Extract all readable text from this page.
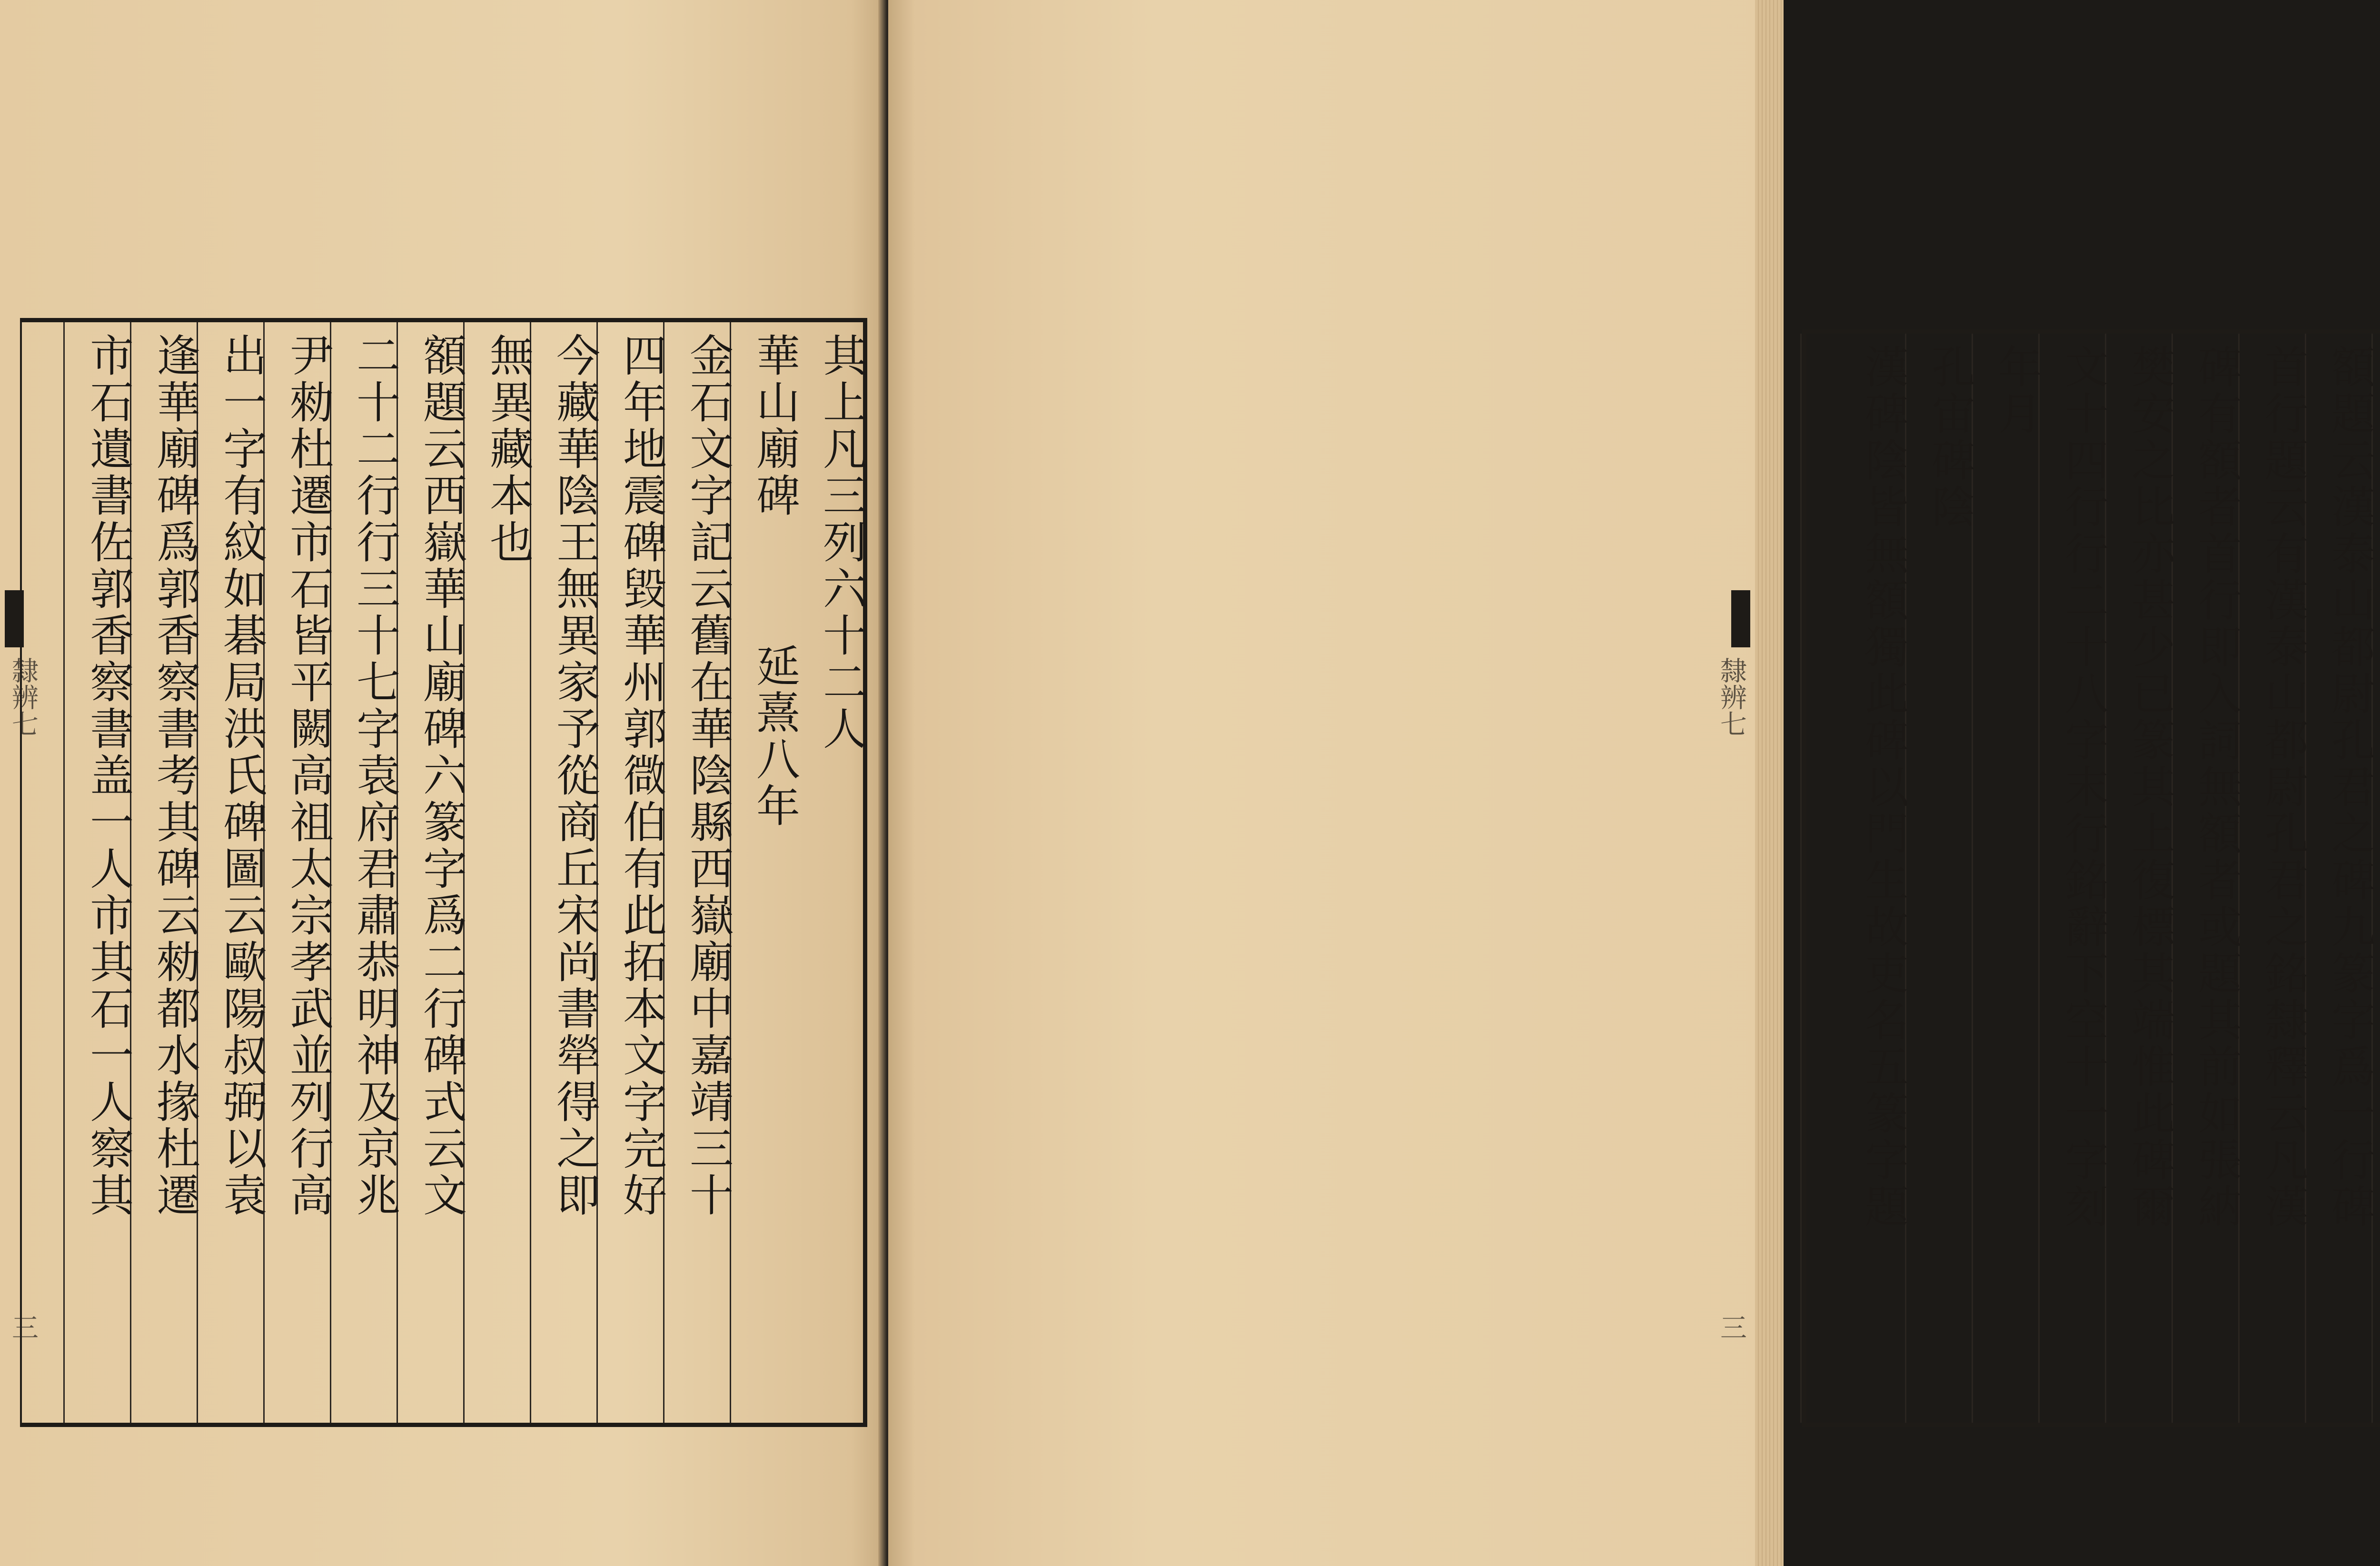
其上凡三列六十二人
華山廟碑延熹八年
金石文字記云舊在華陰縣西嶽廟中嘉靖三十
四年地震碑毀華州郭㣲伯有此拓本文字完好
今藏華陰王無異家予從商丘宋尚書犖得之即
無異藏本也
額題云西嶽華山廟碑六篆字爲二行碑式云文
二十二行行三十七字袁府君肅恭明神及京兆
尹勑杜遷市石皆平闕高祖太宗孝武並列行高
出一字有紋如碁局洪氏碑圖云歐陽叔弼以袁
逢華廟碑爲郭香察書考其碑云勑都水掾杜遷
市石遺書佐郭香察書盖一人市其石一人察其
隸辨七
三
額題云漢泰山都尉孔君之碑九篆字爲一行碑
首行題云有漢泰山都尉孔君之銘隸釋云凡漢
碑有額者首行即入詞無額者或題其前如張納
樊安之比亦甚少已篆其上復標其端惟此碑爾
文十四行行二十八字末行銘辭下空十一字刻
年月
孔宙碑陰
漢碑陰皆無額獨此碑以門生故吏名五篆字題
隸辨七
三
